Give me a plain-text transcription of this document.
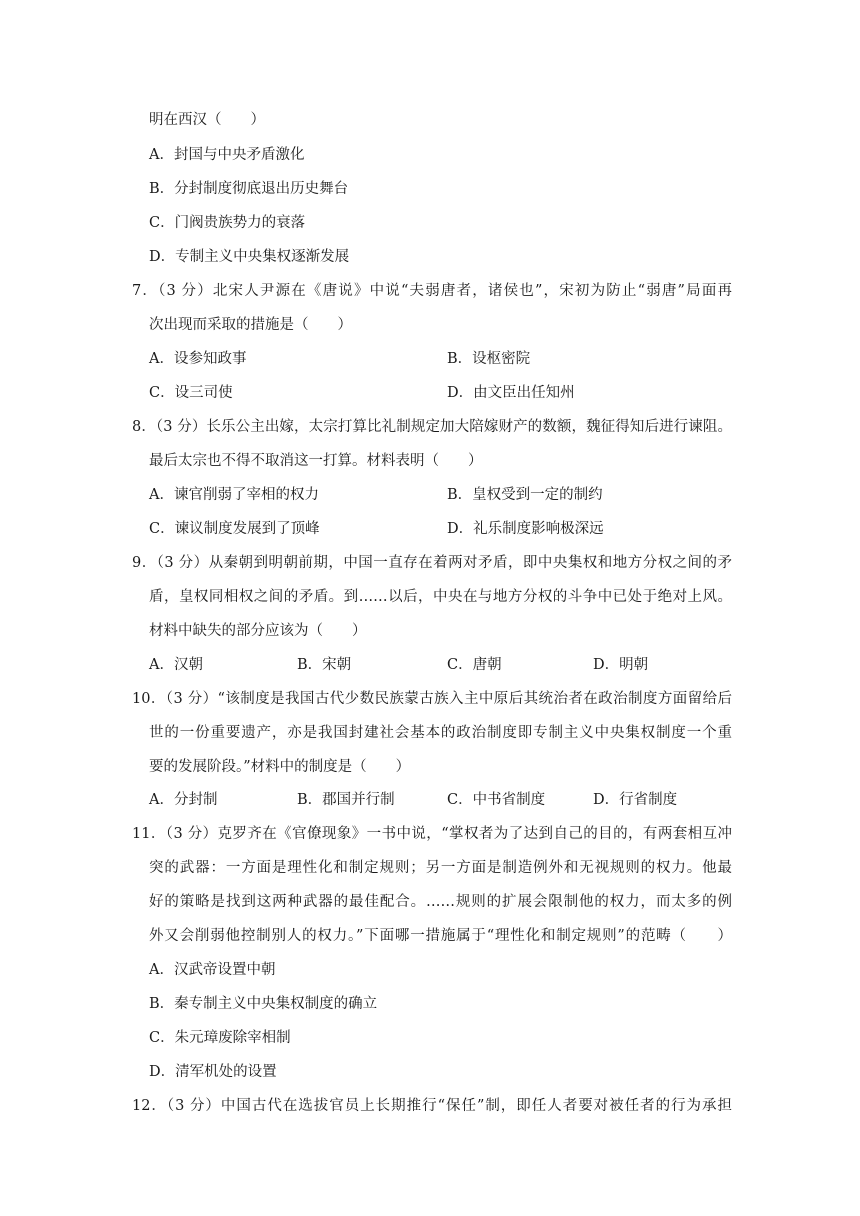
明在西汉（　　）
A．封国与中央矛盾激化
B．分封制度彻底退出历史舞台
C．门阀贵族势力的衰落
D．专制主义中央集权逐渐发展
7．（3 分）北宋人尹源在《唐说》中说“夫弱唐者，诸侯也”，宋初为防止“弱唐”局面再
次出现而采取的措施是（　　）
A．设参知政事	B．设枢密院
C．设三司使	D．由文臣出任知州
8．（3 分）长乐公主出嫁，太宗打算比礼制规定加大陪嫁财产的数额，魏征得知后进行谏阻。
最后太宗也不得不取消这一打算。材料表明（　　）
A．谏官削弱了宰相的权力	B．皇权受到一定的制约
C．谏议制度发展到了顶峰	D．礼乐制度影响极深远
9．（3 分）从秦朝到明朝前期，中国一直存在着两对矛盾，即中央集权和地方分权之间的矛
盾，皇权同相权之间的矛盾。到……以后，中央在与地方分权的斗争中已处于绝对上风。
材料中缺失的部分应该为（　　）
A．汉朝	B．宋朝	C．唐朝	D．明朝
10．（3 分）“该制度是我国古代少数民族蒙古族入主中原后其统治者在政治制度方面留给后
世的一份重要遗产，亦是我国封建社会基本的政治制度即专制主义中央集权制度一个重
要的发展阶段。”材料中的制度是（　　）
A．分封制	B．郡国并行制	C．中书省制度	D．行省制度
11．（3 分）克罗齐在《官僚现象》一书中说，“掌权者为了达到自己的目的，有两套相互冲
突的武器：一方面是理性化和制定规则；另一方面是制造例外和无视规则的权力。他最
好的策略是找到这两种武器的最佳配合。……规则的扩展会限制他的权力，而太多的例
外又会削弱他控制别人的权力。”下面哪一措施属于“理性化和制定规则”的范畴（　　）
A．汉武帝设置中朝
B．秦专制主义中央集权制度的确立
C．朱元璋废除宰相制
D．清军机处的设置
12．（3 分）中国古代在选拔官员上长期推行“保任”制，即任人者要对被任者的行为承担
